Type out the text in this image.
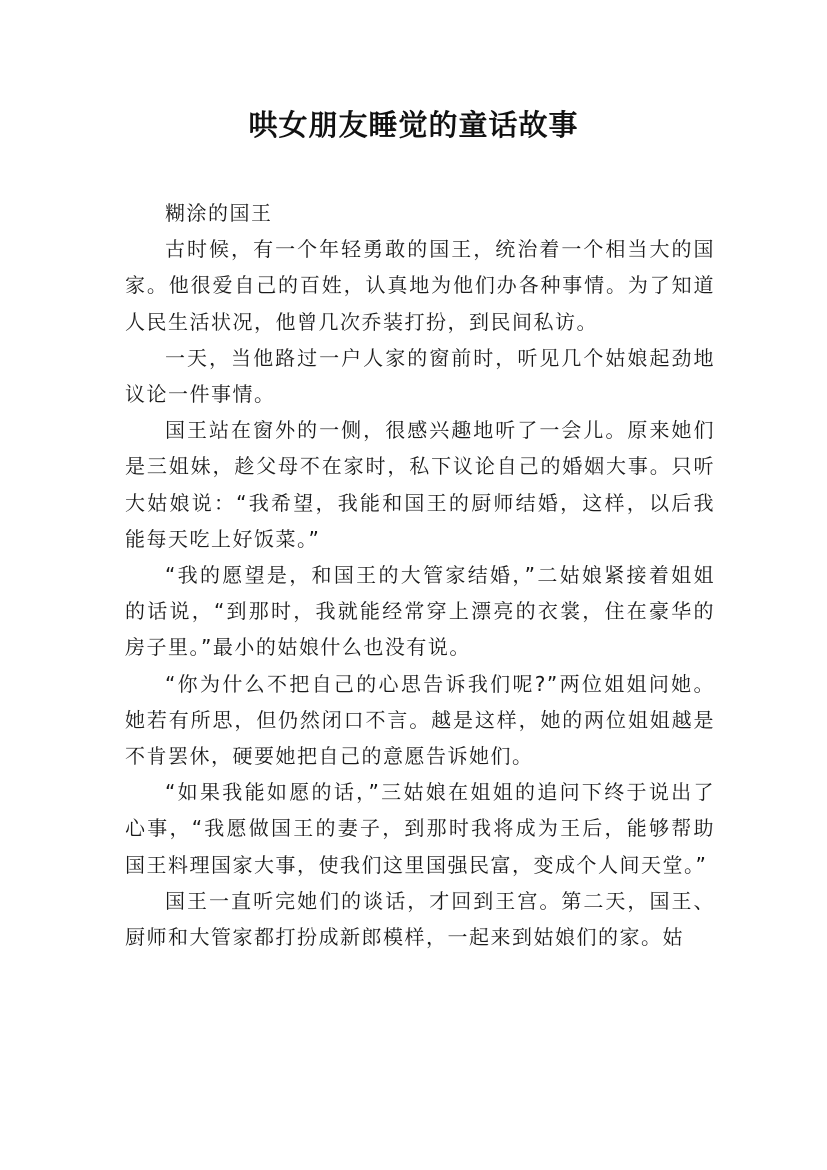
哄女朋友睡觉的童话故事

糊涂的国王

古时候，有一个年轻勇敢的国王，统治着一个相当大的国家。他很爱自己的百姓，认真地为他们办各种事情。为了知道人民生活状况，他曾几次乔装打扮，到民间私访。

一天，当他路过一户人家的窗前时，听见几个姑娘起劲地议论一件事情。

国王站在窗外的一侧，很感兴趣地听了一会儿。原来她们是三姐妹，趁父母不在家时，私下议论自己的婚姻大事。只听大姑娘说：“我希望，我能和国王的厨师结婚，这样，以后我能每天吃上好饭菜。”

“我的愿望是，和国王的大管家结婚，”二姑娘紧接着姐姐的话说，“到那时，我就能经常穿上漂亮的衣裳，住在豪华的房子里。”最小的姑娘什么也没有说。

“你为什么不把自己的心思告诉我们呢?”两位姐姐问她。她若有所思，但仍然闭口不言。越是这样，她的两位姐姐越是不肯罢休，硬要她把自己的意愿告诉她们。

“如果我能如愿的话，”三姑娘在姐姐的追问下终于说出了心事，“我愿做国王的妻子，到那时我将成为王后，能够帮助国王料理国家大事，使我们这里国强民富，变成个人间天堂。”

国王一直听完她们的谈话，才回到王宫。第二天，国王、厨师和大管家都打扮成新郎模样，一起来到姑娘们的家。姑
